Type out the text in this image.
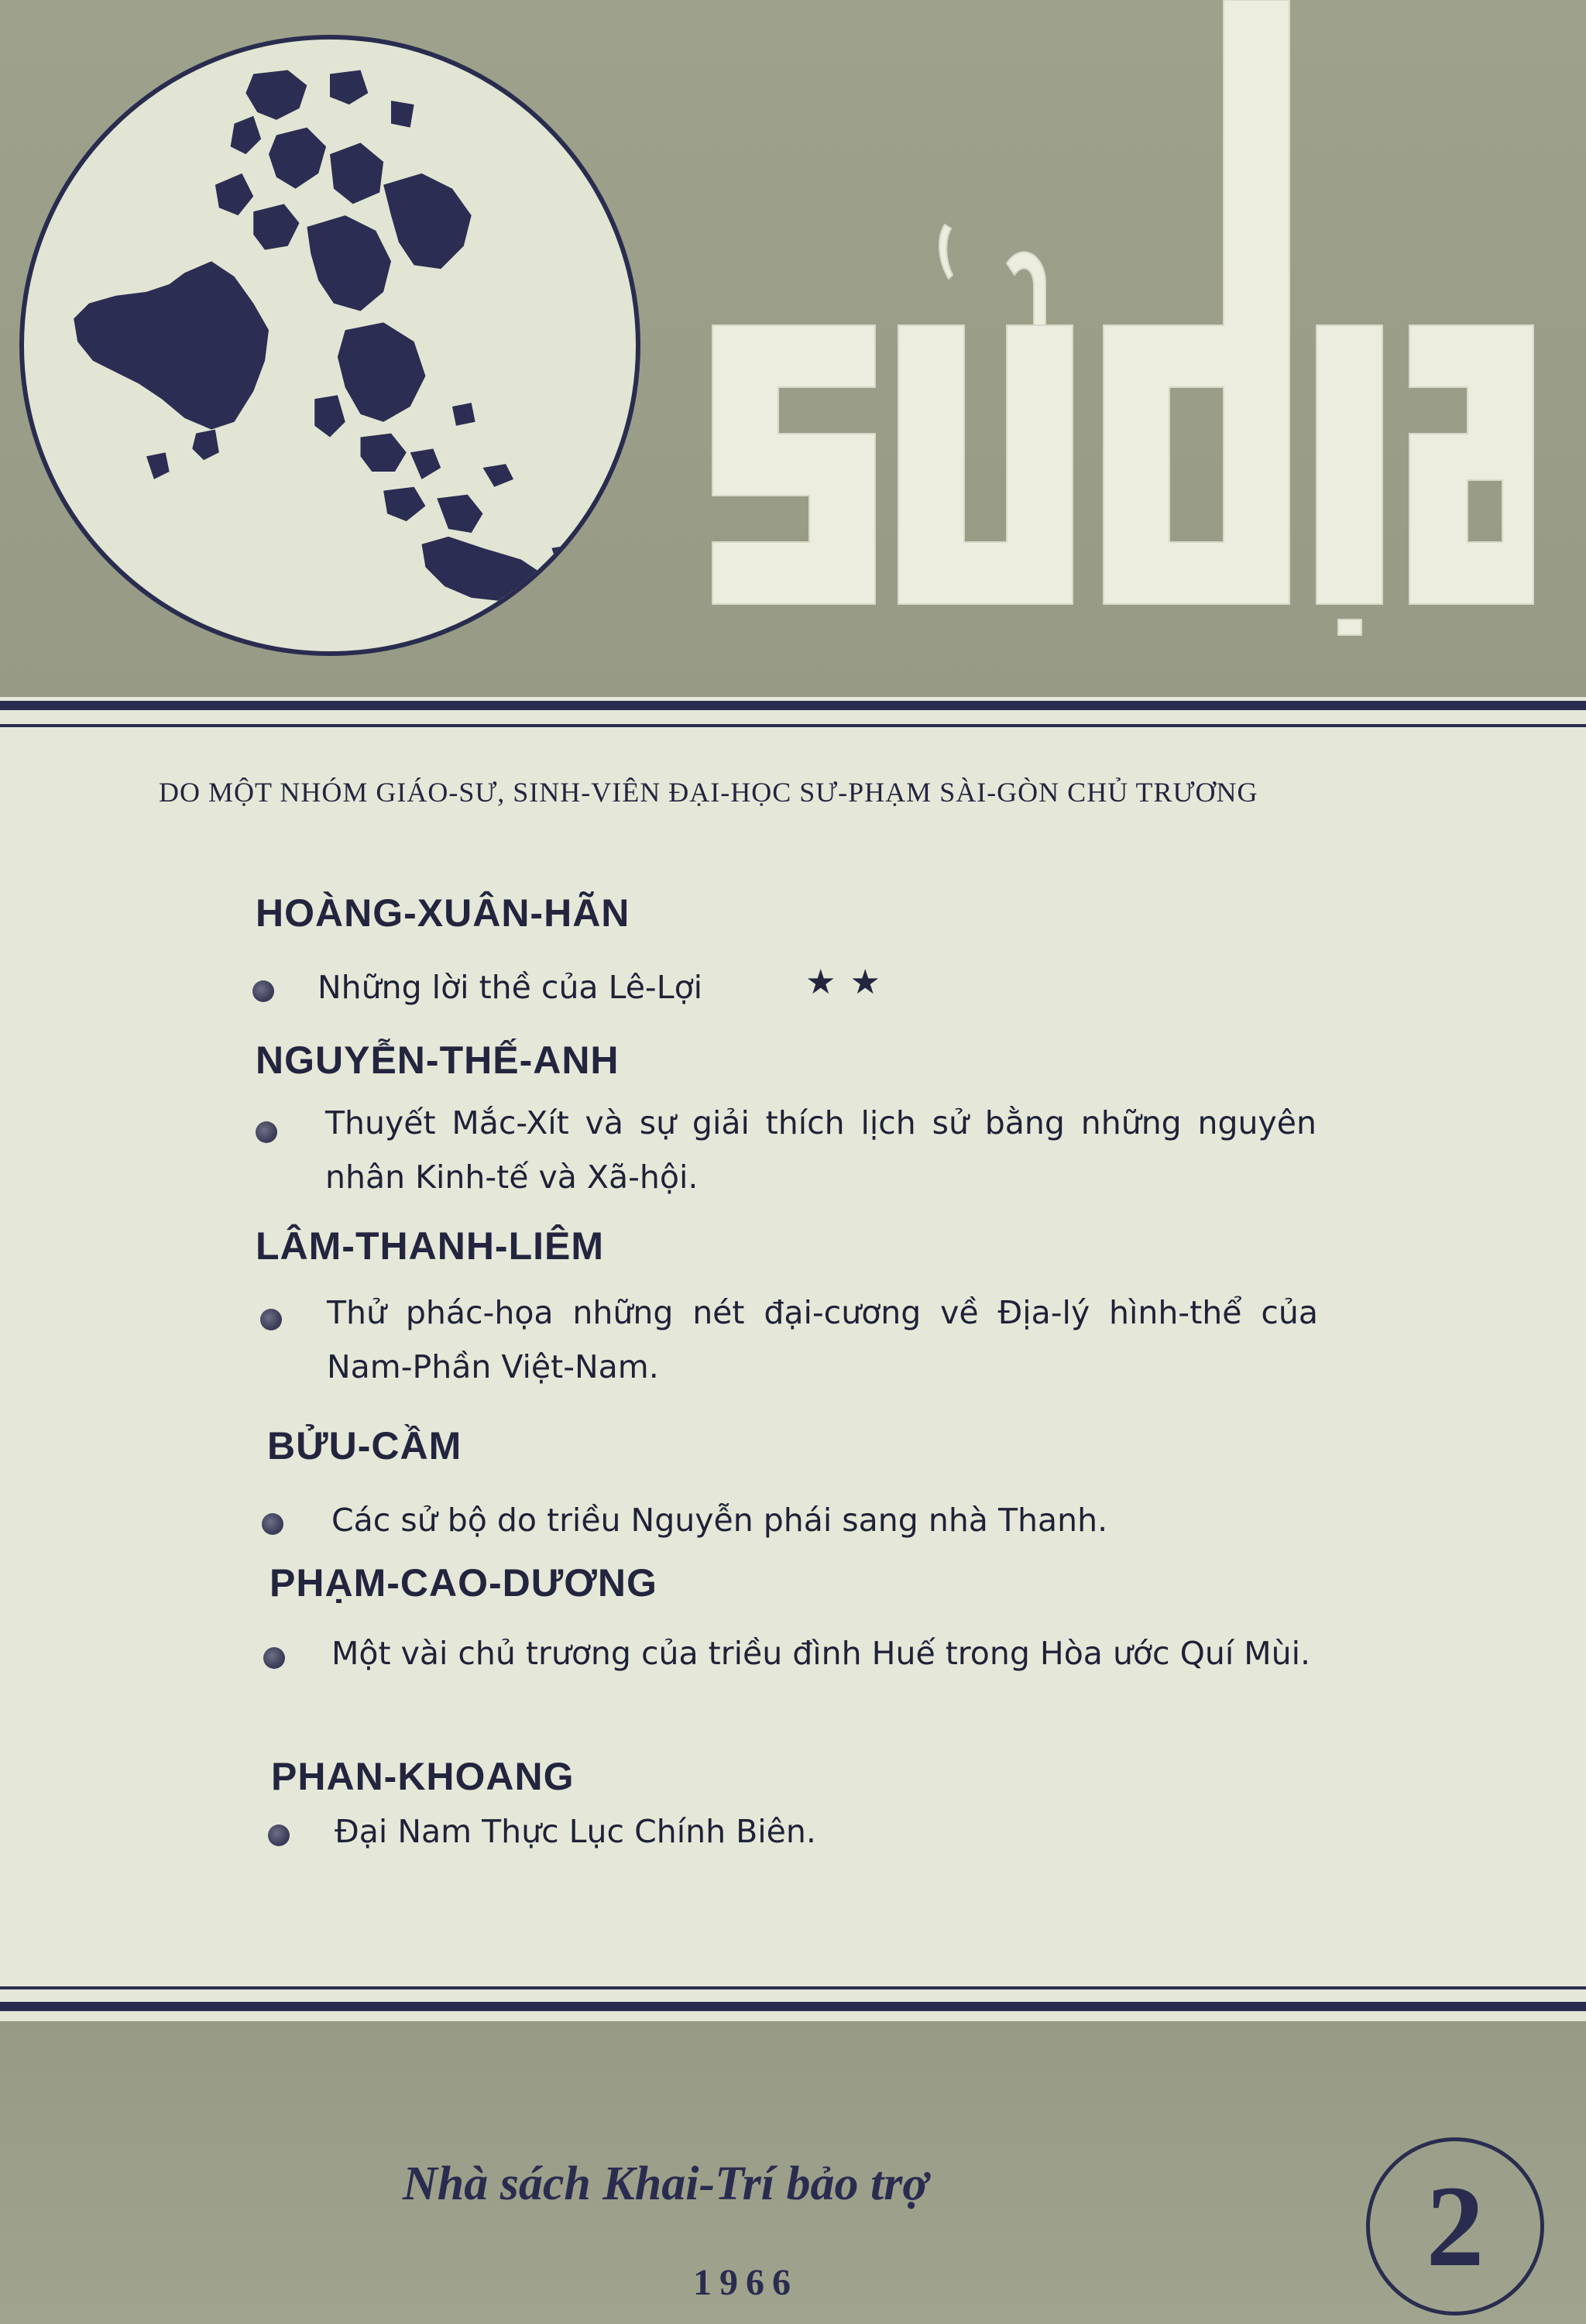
DO MỘT NHÓM GIÁO-SƯ, SINH-VIÊN ĐẠI-HỌC SƯ-PHẠM SÀI-GÒN CHỦ TRƯƠNG
HOÀNG-XUÂN-HÃN
Những lời thề của Lê-Lợi	★★
NGUYỄN-THẾ-ANH
Thuyết Mắc-Xít và sự giải thích lịch sử bằng những nguyên nhân Kinh-tế và Xã-hội.
LÂM-THANH-LIÊM
Thử phác-họa những nét đại-cương về Địa-lý hình-thể của Nam-Phần Việt-Nam.
BỬU-CẦM
Các sử bộ do triều Nguyễn phái sang nhà Thanh.
PHẠM-CAO-DƯƠNG
Một vài chủ trương của triều đình Huế trong Hòa ước Quí Mùi.
PHAN-KHOANG
Đại Nam Thực Lục Chính Biên.
Nhà sách Khai-Trí bảo trợ
1966	2
